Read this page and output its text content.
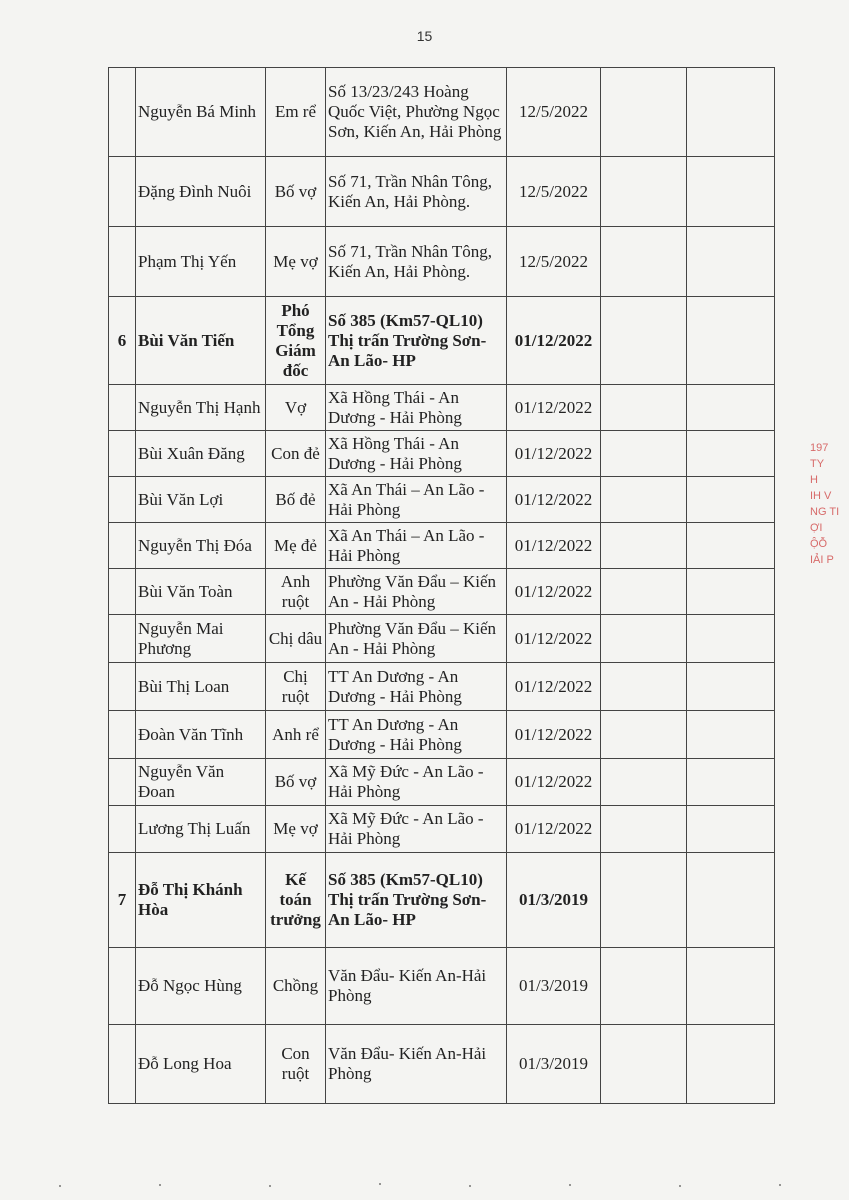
15
	Nguyễn Bá Minh	Em rể	Số 13/23/243 Hoàng Quốc Việt, Phường Ngọc Sơn, Kiến An, Hải Phòng	12/5/2022		
	Đặng Đình Nuôi	Bố vợ	Số 71, Trần Nhân Tông, Kiến An, Hải Phòng.	12/5/2022		
	Phạm Thị Yến	Mẹ vợ	Số 71, Trần Nhân Tông, Kiến An, Hải Phòng.	12/5/2022		
6	Bùi Văn Tiến	Phó Tổng Giám đốc	Số 385 (Km57-QL10) Thị trấn Trường Sơn- An Lão- HP	01/12/2022		
	Nguyễn Thị Hạnh	Vợ	Xã Hồng Thái - An Dương - Hải Phòng	01/12/2022		
	Bùi Xuân Đăng	Con đẻ	Xã Hồng Thái - An Dương - Hải Phòng	01/12/2022		
	Bùi Văn Lợi	Bố đẻ	Xã An Thái – An Lão - Hải Phòng	01/12/2022		
	Nguyễn Thị Đóa	Mẹ đẻ	Xã An Thái – An Lão - Hải Phòng	01/12/2022		
	Bùi Văn Toàn	Anh ruột	Phường Văn Đẩu – Kiến An - Hải Phòng	01/12/2022		
	Nguyễn Mai Phương	Chị dâu	Phường Văn Đẩu – Kiến An - Hải Phòng	01/12/2022		
	Bùi Thị Loan	Chị ruột	TT An Dương - An Dương - Hải Phòng	01/12/2022		
	Đoàn Văn Tĩnh	Anh rể	TT An Dương - An Dương - Hải Phòng	01/12/2022		
	Nguyễn Văn Đoan	Bố vợ	Xã Mỹ Đức - An Lão - Hải Phòng	01/12/2022		
	Lương Thị Luấn	Mẹ vợ	Xã Mỹ Đức - An Lão - Hải Phòng	01/12/2022		
7	Đỗ Thị Khánh Hòa	Kế toán trưởng	Số 385 (Km57-QL10) Thị trấn Trường Sơn- An Lão- HP	01/3/2019		
	Đỗ Ngọc Hùng	Chồng	Văn Đẩu- Kiến An-Hải Phòng	01/3/2019		
	Đỗ Long Hoa	Con ruột	Văn Đẩu- Kiến An-Hải Phòng	01/3/2019		
197
TY
H
IH V
NG TI
ỢI
ỘỖ
IẢI P
